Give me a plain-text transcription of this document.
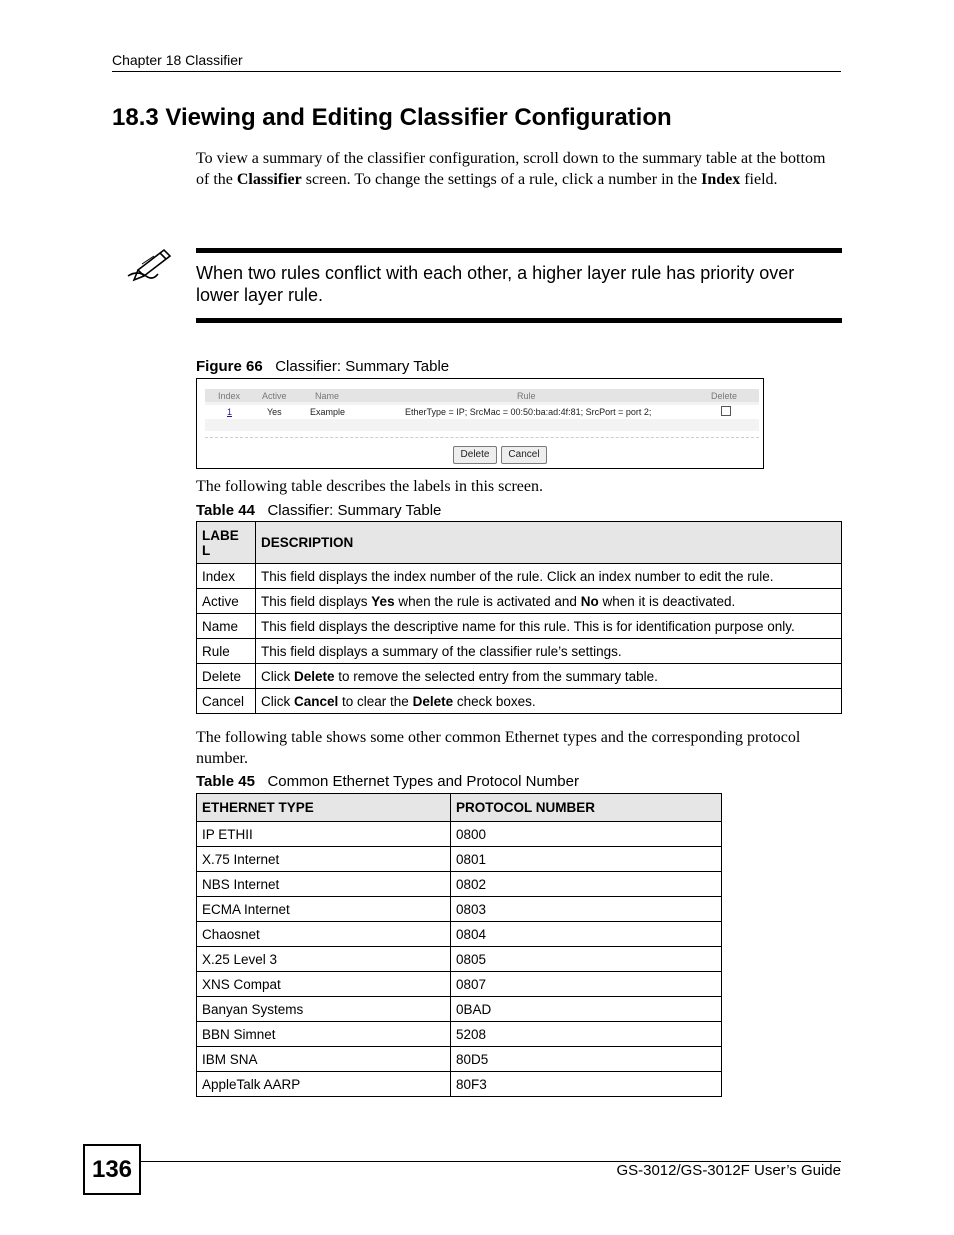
Chapter 18 Classifier
18.3 Viewing and Editing Classifier Configuration
To view a summary of the classifier configuration, scroll down to the summary table at the bottom of the Classifier screen. To change the settings of a rule, click a number in the Index field.
When two rules conflict with each other, a higher layer rule has priority over lower layer rule.
Figure 66 Classifier: Summary Table
Index Active	Name	Rule	Delete
1	Yes	Example	EtherType = IP; SrcMac = 00:50:ba:ad:4f:81; SrcPort = port 2;
Delete	Cancel
The following table describes the labels in this screen.
Table 44 Classifier: Summary Table
LABEL	DESCRIPTION
Index	This field displays the index number of the rule. Click an index number to edit the rule.
Active	This field displays Yes when the rule is activated and No when it is deactivated.
Name	This field displays the descriptive name for this rule. This is for identification purpose only.
Rule	This field displays a summary of the classifier rule’s settings.
Delete	Click Delete to remove the selected entry from the summary table.
Cancel	Click Cancel to clear the Delete check boxes.
The following table shows some other common Ethernet types and the corresponding protocol number.
Table 45 Common Ethernet Types and Protocol Number
ETHERNET TYPE	PROTOCOL NUMBER
IP ETHII	0800
X.75 Internet	0801
NBS Internet	0802
ECMA Internet	0803
Chaosnet	0804
X.25 Level 3	0805
XNS Compat	0807
Banyan Systems	0BAD
BBN Simnet	5208
IBM SNA	80D5
AppleTalk AARP	80F3
136	GS-3012/GS-3012F User’s Guide
